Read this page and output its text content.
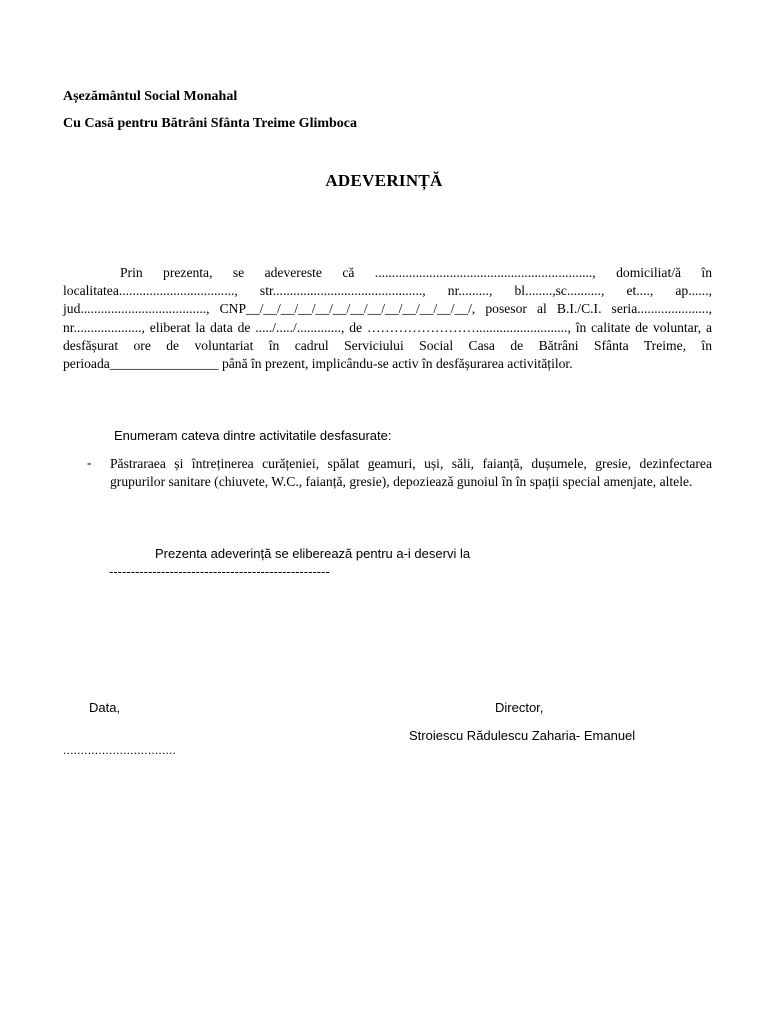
Așezământul Social Monahal
Cu Casă pentru Bătrâni Sfânta Treime Glimboca
ADEVERINȚĂ

Prin prezenta, se adevereste că ................................................................, domiciliat/ă în localitatea.................................., str............................................, nr........., bl........,sc.........., et...., ap......, jud....................................., CNP__/__/__/__/__/__/__/__/__/__/__/__/__/, posesor al B.I./C.I. seria....................., nr...................., eliberat la data de ...../...../............., de ……………………..........................., în calitate de voluntar, a desfășurat ore de voluntariat în cadrul Serviciului Social Casa de Bătrâni Sfânta Treime, în perioada________________ până în prezent, implicându-se activ în desfășurarea activităților.

Enumeram cateva dintre activitatile desfasurate:
- Păstraraea și întreținerea curățeniei, spălat geamuri, uși, săli, faianță, dușumele, gresie, dezinfectarea grupurilor sanitare (chiuvete, W.C., faianță, gresie), depozieazǎ gunoiul în în spații special amenjate, altele.
Prezenta adeverință se eliberează pentru a-i deservi la
---------------------------------------------------
Data,
................................
Director,
Stroiescu Rădulescu Zaharia- Emanuel
